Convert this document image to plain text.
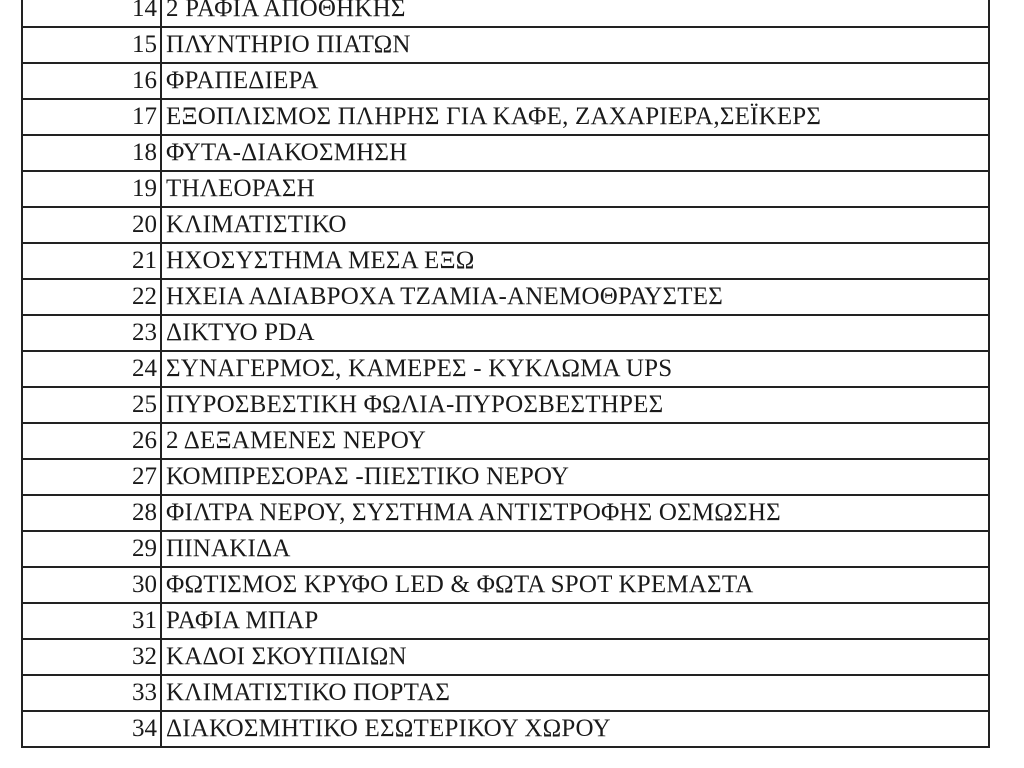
14	2 ΡΑΦΙΑ ΑΠΟΘΗΚΗΣ
15	ΠΛΥΝΤΗΡΙΟ ΠΙΑΤΩΝ
16	ΦΡΑΠΕΔΙΕΡΑ
17	ΕΞΟΠΛΙΣΜΟΣ ΠΛΗΡΗΣ ΓΙΑ ΚΑΦΕ, ΖΑΧΑΡΙΕΡΑ,ΣΕΪΚΕΡΣ
18	ΦΥΤΑ-ΔΙΑΚΟΣΜΗΣΗ
19	ΤΗΛΕΟΡΑΣΗ
20	ΚΛΙΜΑΤΙΣΤΙΚΟ
21	ΗΧΟΣΥΣΤΗΜΑ ΜΕΣΑ ΕΞΩ
22	ΗΧΕΙΑ ΑΔΙΑΒΡΟΧΑ ΤΖΑΜΙΑ-ΑΝΕΜΟΘΡΑΥΣΤΕΣ
23	ΔΙΚΤΥΟ PDA
24	ΣΥΝΑΓΕΡΜΟΣ, ΚΑΜΕΡΕΣ - ΚΥΚΛΩΜΑ UPS
25	ΠΥΡΟΣΒΕΣΤΙΚΗ ΦΩΛΙΑ-ΠΥΡΟΣΒΕΣΤΗΡΕΣ
26	2 ΔΕΞΑΜΕΝΕΣ ΝΕΡΟΥ
27	ΚΟΜΠΡΕΣΟΡΑΣ -ΠΙΕΣΤΙΚΟ ΝΕΡΟΥ
28	ΦΙΛΤΡΑ ΝΕΡΟΥ, ΣΥΣΤΗΜΑ ΑΝΤΙΣΤΡΟΦΗΣ ΟΣΜΩΣΗΣ
29	ΠΙΝΑΚΙΔΑ
30	ΦΩΤΙΣΜΟΣ ΚΡΥΦΟ LED & ΦΩΤΑ SPOT ΚΡΕΜΑΣΤΑ
31	ΡΑΦΙΑ ΜΠΑΡ
32	ΚΑΔΟΙ ΣΚΟΥΠΙΔΙΩΝ
33	ΚΛΙΜΑΤΙΣΤΙΚΟ ΠΟΡΤΑΣ
34	ΔΙΑΚΟΣΜΗΤΙΚΟ ΕΣΩΤΕΡΙΚΟΥ ΧΩΡΟΥ
